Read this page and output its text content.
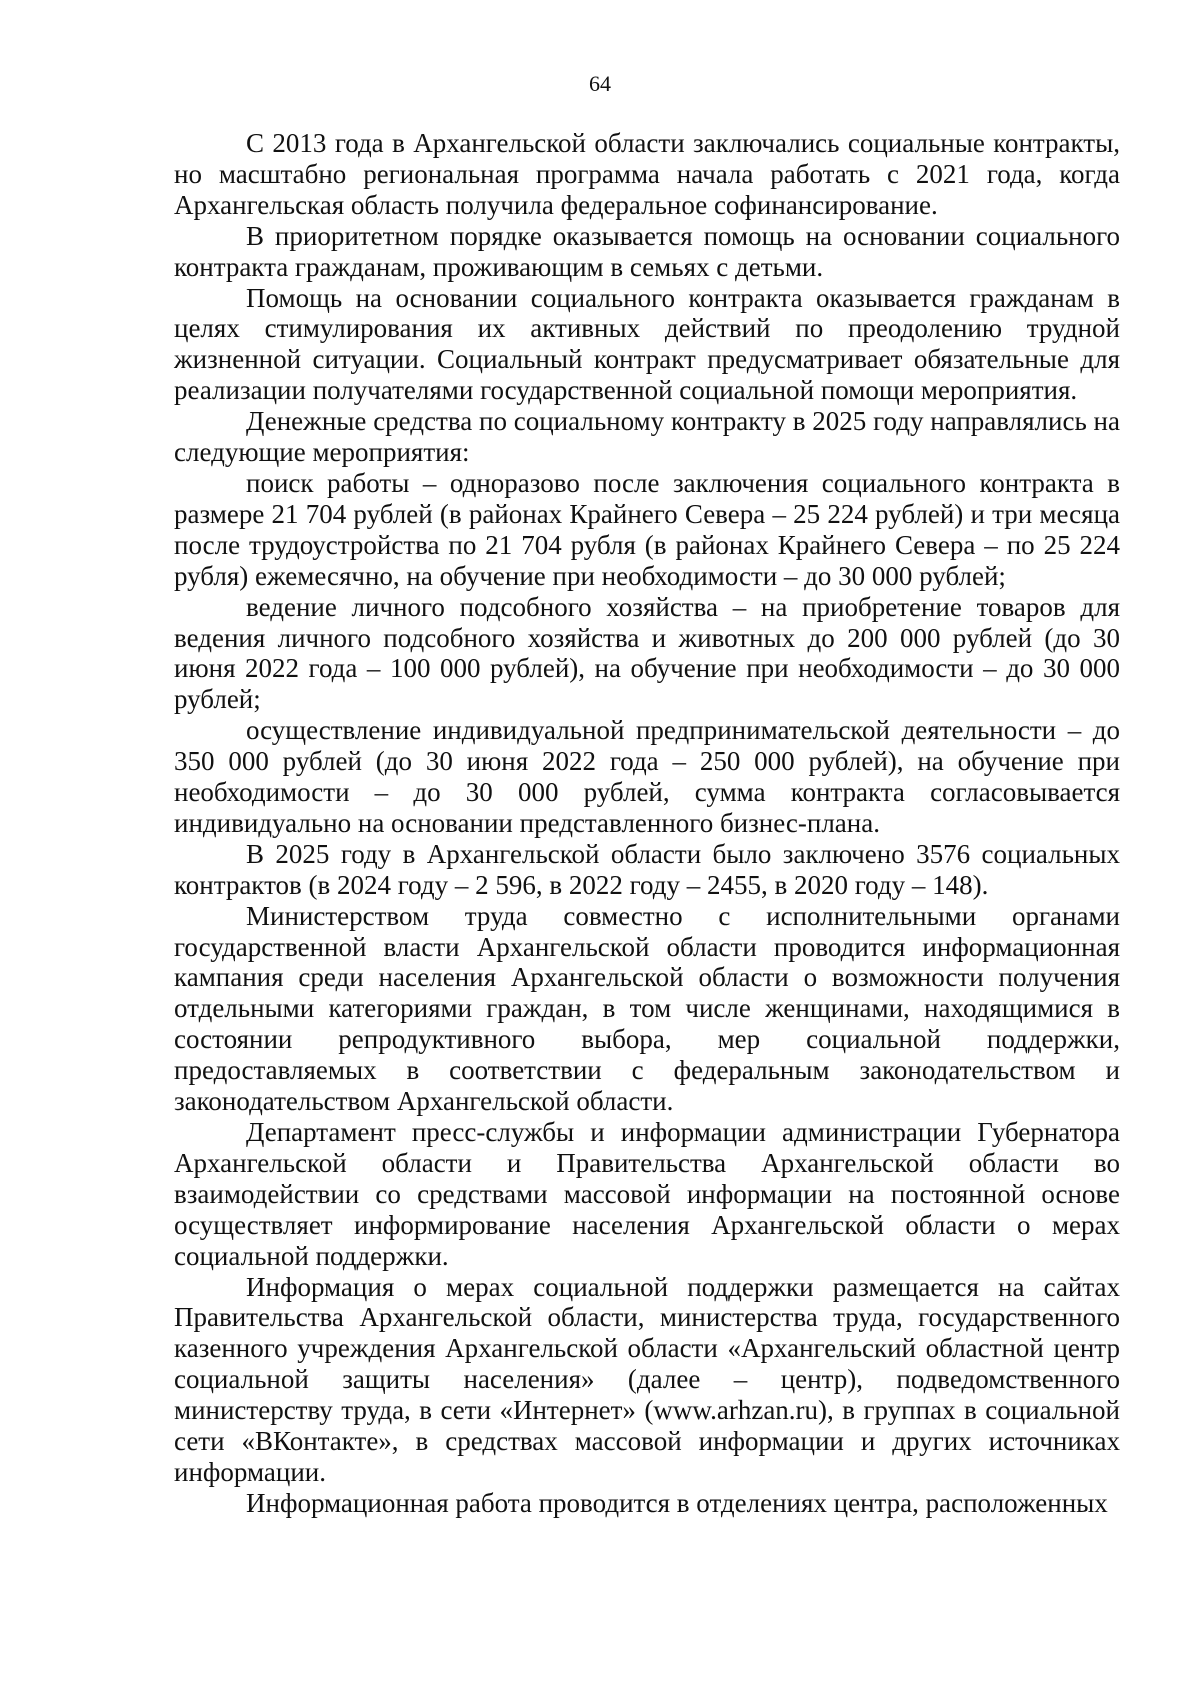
64

С 2013 года в Архангельской области заключались социальные контракты, но масштабно региональная программа начала работать с 2021 года, когда Архангельская область получила федеральное софинансирование.

В приоритетном порядке оказывается помощь на основании социального контракта гражданам, проживающим в семьях с детьми.

Помощь на основании социального контракта оказывается гражданам в целях стимулирования их активных действий по преодолению трудной жизненной ситуации. Социальный контракт предусматривает обязательные для реализации получателями государственной социальной помощи мероприятия.

Денежные средства по социальному контракту в 2025 году направлялись на следующие мероприятия:

поиск работы – одноразово после заключения социального контракта в размере 21 704 рублей (в районах Крайнего Севера – 25 224 рублей) и три месяца после трудоустройства по 21 704 рубля (в районах Крайнего Севера – по 25 224 рубля) ежемесячно, на обучение при необходимости – до 30 000 рублей;

ведение личного подсобного хозяйства – на приобретение товаров для ведения личного подсобного хозяйства и животных до 200 000 рублей (до 30 июня 2022 года – 100 000 рублей), на обучение при необходимости – до 30 000 рублей;

осуществление индивидуальной предпринимательской деятельности – до 350 000 рублей (до 30 июня 2022 года – 250 000 рублей), на обучение при необходимости – до 30 000 рублей, сумма контракта согласовывается индивидуально на основании представленного бизнес-плана.

В 2025 году в Архангельской области было заключено 3576 социальных контрактов (в 2024 году – 2 596, в 2022 году – 2455, в 2020 году – 148).

Министерством труда совместно с исполнительными органами государственной власти Архангельской области проводится информационная кампания среди населения Архангельской области о возможности получения отдельными категориями граждан, в том числе женщинами, находящимися в состоянии репродуктивного выбора, мер социальной поддержки, предоставляемых в соответствии с федеральным законодательством и законодательством Архангельской области.

Департамент пресс-службы и информации администрации Губернатора Архангельской области и Правительства Архангельской области во взаимодействии со средствами массовой информации на постоянной основе осуществляет информирование населения Архангельской области о мерах социальной поддержки.

Информация о мерах социальной поддержки размещается на сайтах Правительства Архангельской области, министерства труда, государственного казенного учреждения Архангельской области «Архангельский областной центр социальной защиты населения» (далее – центр), подведомственного министерству труда, в сети «Интернет» (www.arhzan.ru), в группах в социальной сети «ВКонтакте», в средствах массовой информации и других источниках информации.

Информационная работа проводится в отделениях центра, расположенных
